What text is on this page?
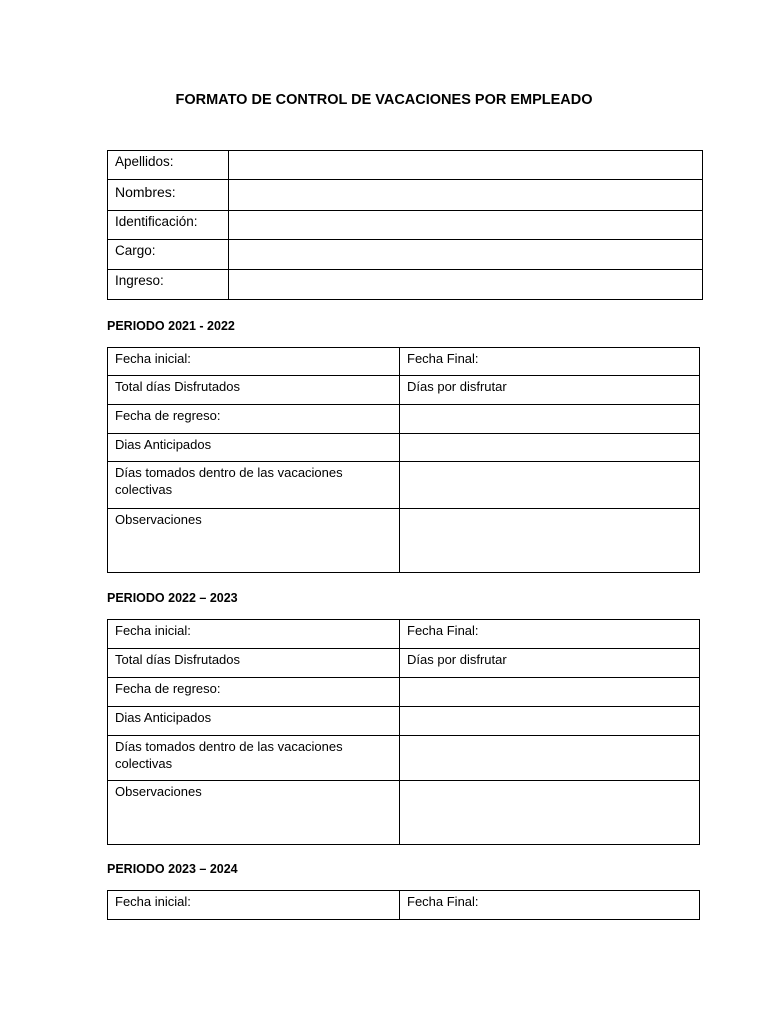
FORMATO DE CONTROL DE VACACIONES POR EMPLEADO
Apellidos:	

Nombres:	

Identificación:	

Cargo:	

Ingreso:	

PERIODO 2021 - 2022
Fecha inicial:	Fecha Final:

Total días Disfrutados	Días por disfrutar

Fecha de regreso:	

Dias Anticipados	

Días tomados dentro de las vacaciones colectivas	

Observaciones	

PERIODO 2022 – 2023
Fecha inicial:	Fecha Final:

Total días Disfrutados	Días por disfrutar

Fecha de regreso:	

Dias Anticipados	

Días tomados dentro de las vacaciones colectivas	

Observaciones	

PERIODO 2023 – 2024
Fecha inicial:	Fecha Final:
